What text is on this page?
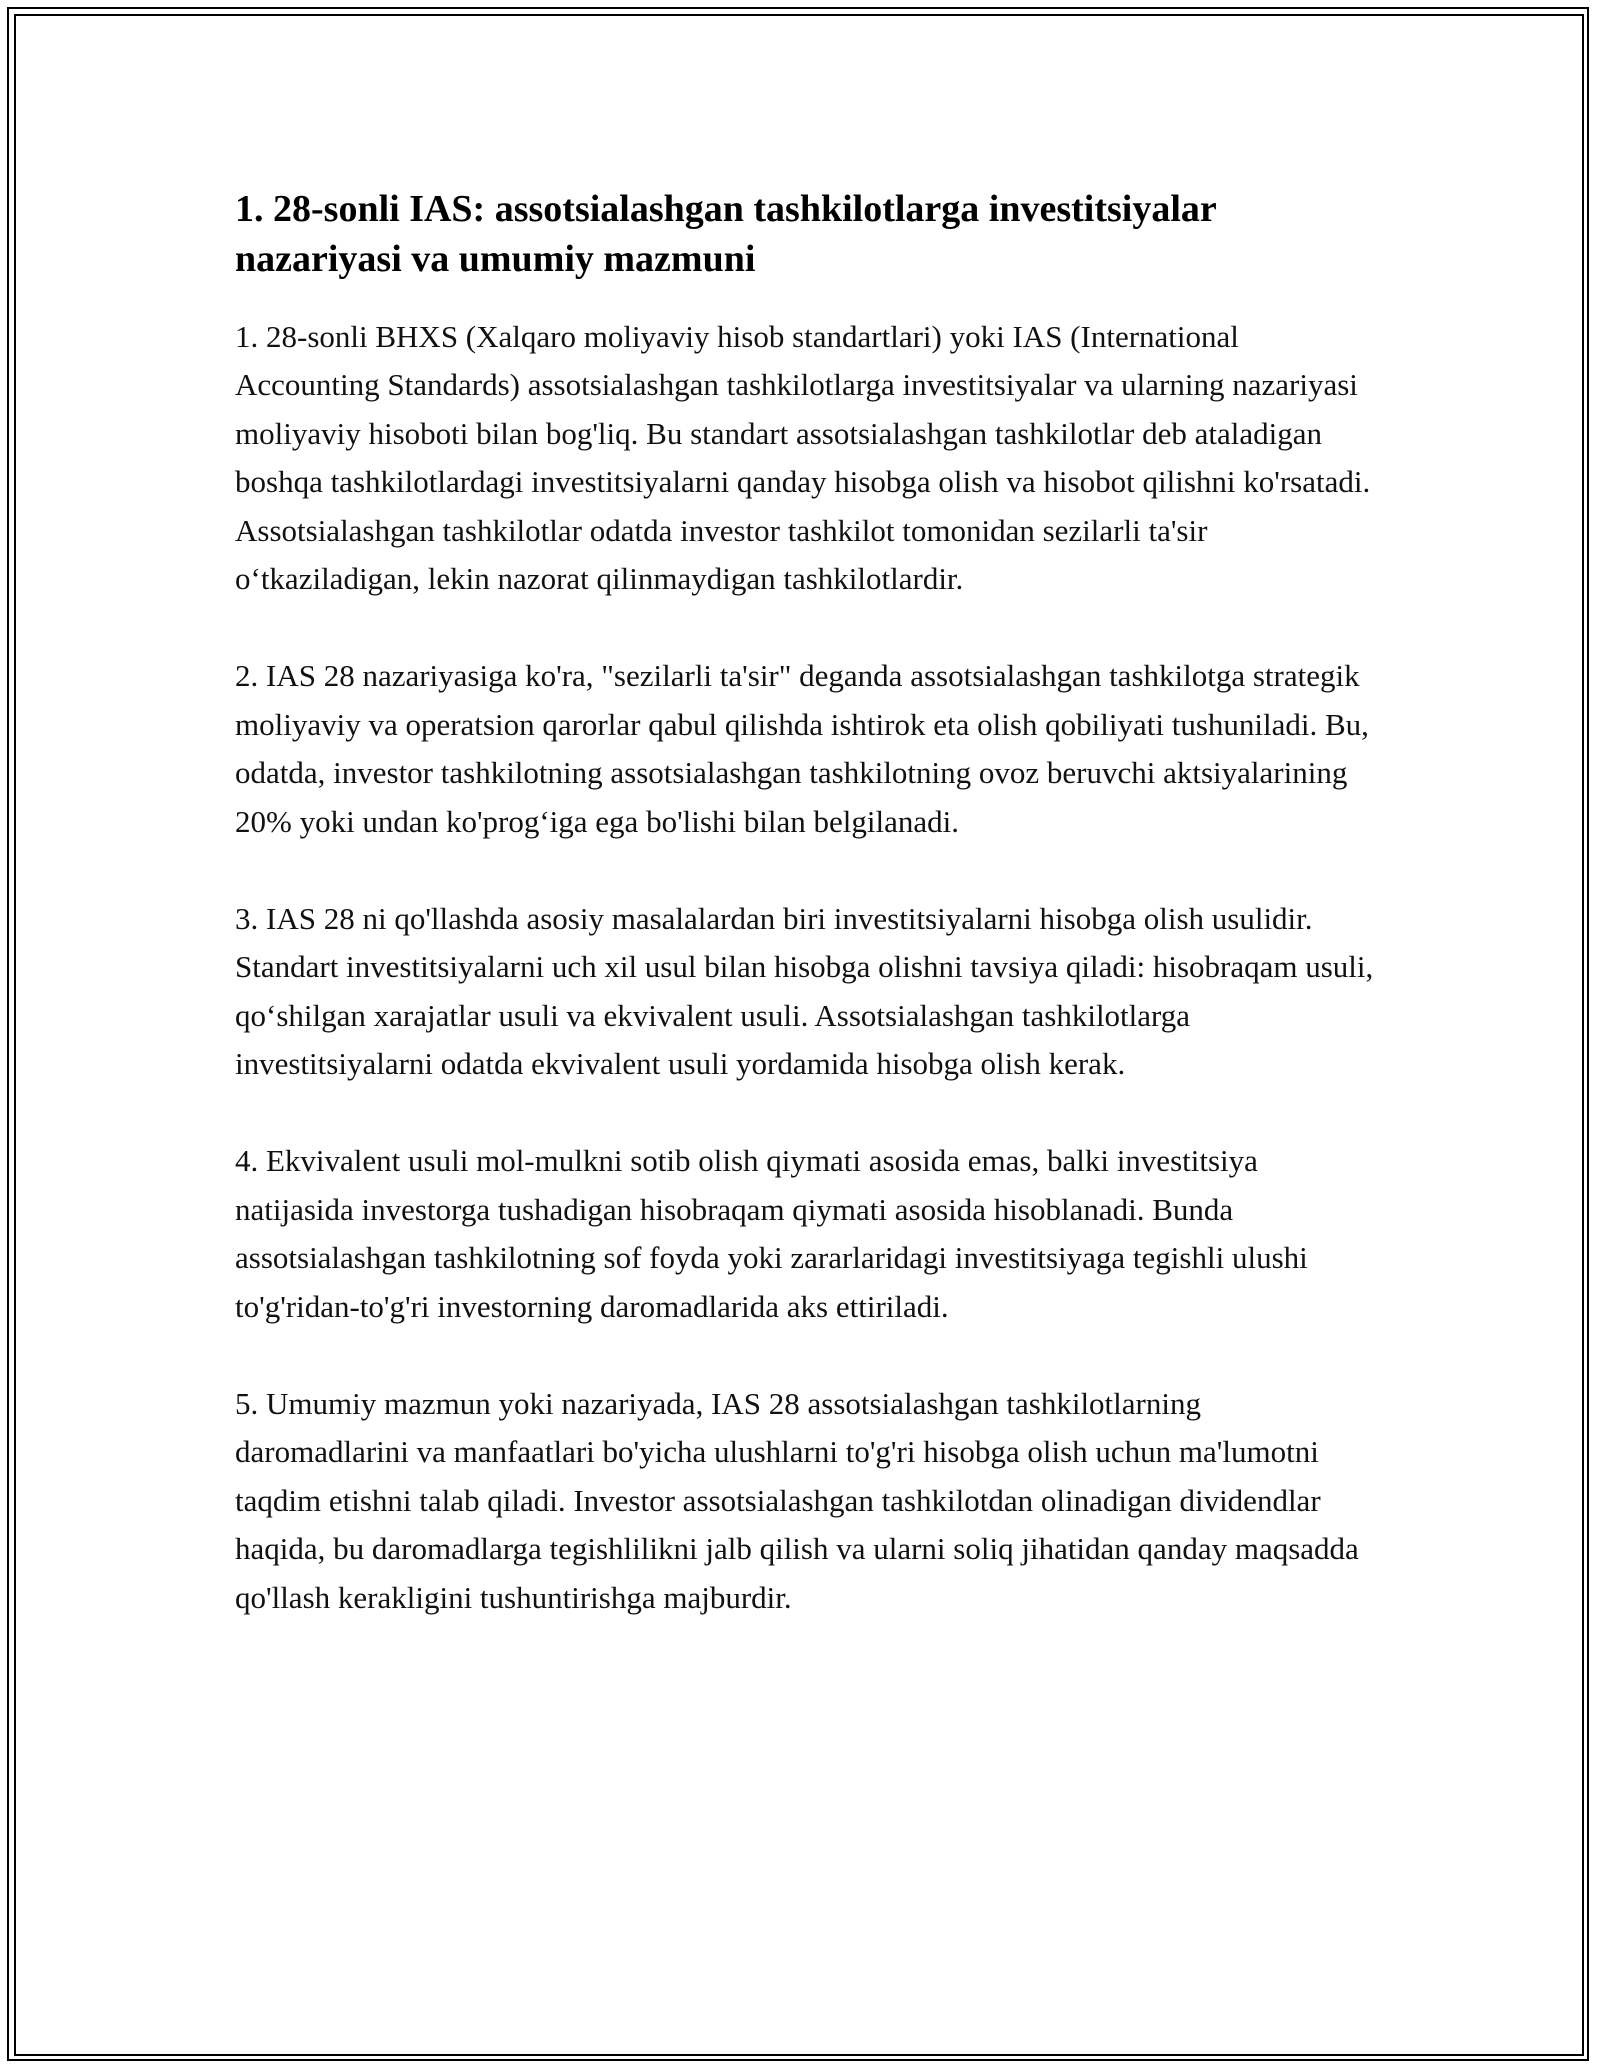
1. 28-sonli IAS: assotsialashgan tashkilotlarga investitsiyalar nazariyasi va umumiy mazmuni

1. 28-sonli BHXS (Xalqaro moliyaviy hisob standartlari) yoki IAS (International Accounting Standards) assotsialashgan tashkilotlarga investitsiyalar va ularning nazariyasi moliyaviy hisoboti bilan bog'liq. Bu standart assotsialashgan tashkilotlar deb ataladigan boshqa tashkilotlardagi investitsiyalarni qanday hisobga olish va hisobot qilishni ko'rsatadi. Assotsialashgan tashkilotlar odatda investor tashkilot tomonidan sezilarli ta'sir o‘tkaziladigan, lekin nazorat qilinmaydigan tashkilotlardir.

2. IAS 28 nazariyasiga ko'ra, "sezilarli ta'sir" deganda assotsialashgan tashkilotga strategik moliyaviy va operatsion qarorlar qabul qilishda ishtirok eta olish qobiliyati tushuniladi. Bu, odatda, investor tashkilotning assotsialashgan tashkilotning ovoz beruvchi aktsiyalarining 20% yoki undan ko'prog‘iga ega bo'lishi bilan belgilanadi.

3. IAS 28 ni qo'llashda asosiy masalalardan biri investitsiyalarni hisobga olish usulidir. Standart investitsiyalarni uch xil usul bilan hisobga olishni tavsiya qiladi: hisobraqam usuli, qo‘shilgan xarajatlar usuli va ekvivalent usuli. Assotsialashgan tashkilotlarga investitsiyalarni odatda ekvivalent usuli yordamida hisobga olish kerak.

4. Ekvivalent usuli mol-mulkni sotib olish qiymati asosida emas, balki investitsiya natijasida investorga tushadigan hisobraqam qiymati asosida hisoblanadi. Bunda assotsialashgan tashkilotning sof foyda yoki zararlaridagi investitsiyaga tegishli ulushi to'g'ridan-to'g'ri investorning daromadlarida aks ettiriladi.

5. Umumiy mazmun yoki nazariyada, IAS 28 assotsialashgan tashkilotlarning daromadlarini va manfaatlari bo'yicha ulushlarni to'g'ri hisobga olish uchun ma'lumotni taqdim etishni talab qiladi. Investor assotsialashgan tashkilotdan olinadigan dividendlar haqida, bu daromadlarga tegishlilikni jalb qilish va ularni soliq jihatidan qanday maqsadda qo'llash kerakligini tushuntirishga majburdir.
